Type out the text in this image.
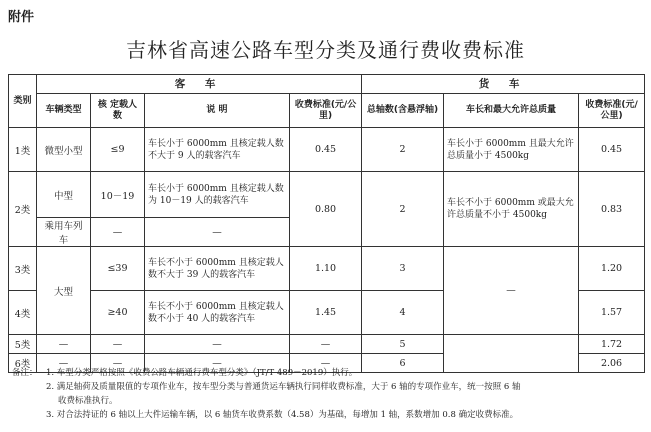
附件
吉林省高速公路车型分类及通行费收费标准
类别	客 车				货 车		
	车辆类型	核 定载人数	说 明	收费标准(元/公里)	总轴数(含悬浮轴)	车长和最大允许总质量	收费标准(元/公里)
1类	微型小型	≤9	车长小于 6000mm 且核定载人数不大于 9 人的载客汽车	0.45	2	车长小于 6000mm 且最大允许总质量小于 4500kg	0.45
2类	中型	10－19	车长小于 6000mm 且核定载人数为 10－19 人的载客汽车	0.80	2	车长不小于 6000mm 或最大允许总质量不小于 4500kg	0.83
	乘用车列车	—	—				
3类	大型	≤39	车长不小于 6000mm 且核定载人数不大于 39 人的载客汽车	1.10	3	—	1.20
4类		≥40	车长不小于 6000mm 且核定载人数不小于 40 人的载客汽车	1.45	4		1.57
5类	—	—	—	—	5		1.72
6类	—	—	—	—	6		2.06
备注： 1. 车型分类严格按照《收费公路车辆通行费车型分类》（JT/T 489－2019）执行。
2. 满足轴荷及质量限值的专项作业车，按车型分类与普通货运车辆执行同样收费标准，大于 6 轴的专项作业车，统一按照 6 轴
收费标准执行。
3. 对合法持证的 6 轴以上大件运输车辆，以 6 轴货车收费系数（4.58）为基础，每增加 1 轴，系数增加 0.8 确定收费标准。
